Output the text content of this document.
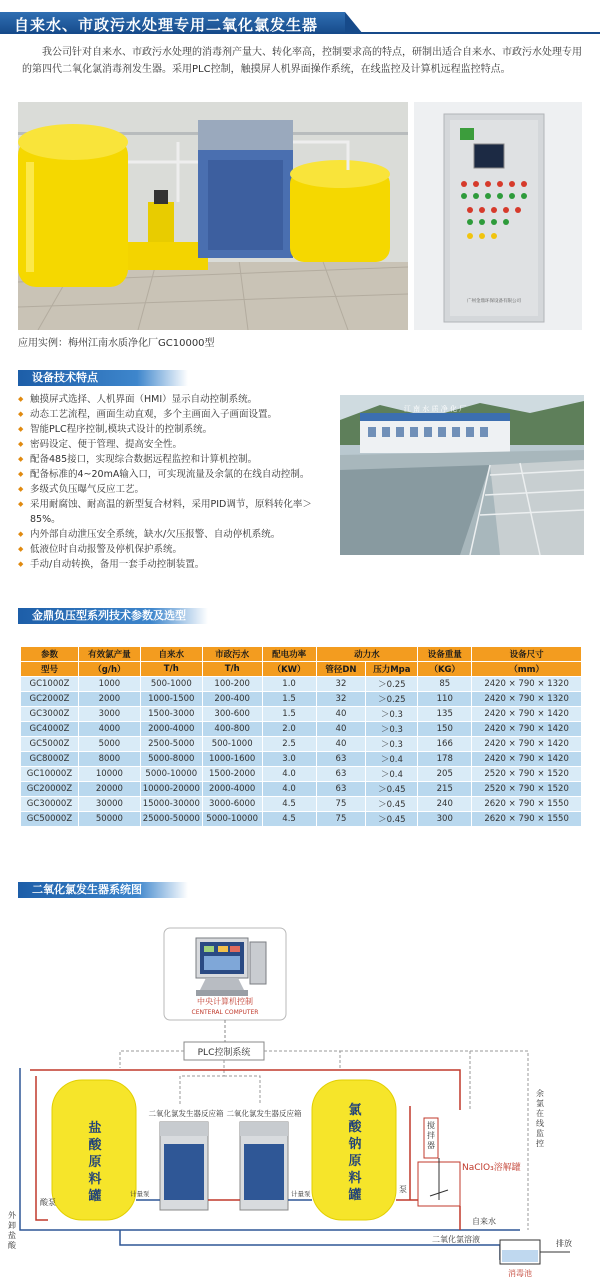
自来水、市政污水处理专用二氧化氯发生器

我公司针对自来水、市政污水处理的消毒剂产量大、转化率高，控制要求高的特点，研制出适合自来水、市政污水处理专用的第四代二氧化氯消毒剂发生器。采用PLC控制，触摸屏人机界面操作系统，在线监控及计算机远程监控特点。

广州金鼎环保设备有限公司
应用实例：梅州江南水质净化厂GC10000型
设备技术特点
◆ 触摸屏式选择、人机界面（HMI）显示自动控制系统。
◆ 动态工艺流程，画面生动直观，多个主画面入子画面设置。
◆ 智能PLC程序控制,模块式设计的控制系统。
◆ 密码设定、便于管理、提高安全性。
◆ 配备485接口，实现综合数据远程监控和计算机控制。
◆ 配备标准的4~20mA输入口，可实现流量及余氯的在线自动控制。
◆ 多级式负压曝气反应工艺。
◆ 采用耐腐蚀、耐高温的新型复合材料，采用PID调节，原料转化率＞85%。
◆ 内外部自动泄压安全系统，缺水/欠压报警、自动停机系统。
◆ 低液位时自动报警及停机保护系统。
◆ 手动/自动转换，备用一套手动控制装置。
江 南 水 质 净 化 厂
金鼎负压型系列技术参数及选型
参数	有效氯产量	自来水	市政污水	配电功率	动力水		设备重量	设备尺寸
型号	（g/h）	T/h	T/h	（KW）	管径DN	压力Mpa	（KG）	（mm）
GC1000Z	1000	500-1000	100-200	1.0	32	＞0.25	85	2420 × 790 × 1320
GC2000Z	2000	1000-1500	200-400	1.5	32	＞0.25	110	2420 × 790 × 1320
GC3000Z	3000	1500-3000	300-600	1.5	40	＞0.3	135	2420 × 790 × 1420
GC4000Z	4000	2000-4000	400-800	2.0	40	＞0.3	150	2420 × 790 × 1420
GC5000Z	5000	2500-5000	500-1000	2.5	40	＞0.3	166	2420 × 790 × 1420
GC8000Z	8000	5000-8000	1000-1600	3.0	63	＞0.4	178	2420 × 790 × 1420
GC10000Z	10000	5000-10000	1500-2000	4.0	63	＞0.4	205	2520 × 790 × 1520
GC20000Z	20000	10000-20000	2000-4000	4.0	63	＞0.45	215	2520 × 790 × 1520
GC30000Z	30000	15000-30000	3000-6000	4.5	75	＞0.45	240	2620 × 790 × 1550
GC50000Z	50000	25000-50000	5000-10000	4.5	75	＞0.45	300	2620 × 790 × 1550
二氧化氯发生器系统图
中央计算机控制
CENTERAL COMPUTER
PLC控制系统
盐酸原料罐
氯酸钠原料罐
二氧化氯发生器反应箱 二氧化氯发生器反应箱
搅拌器
NaClO₃溶解罐
余氯在线监控
酸泵
泵
计量泵	计量泵
外卸盐酸
自来水
二氧化氯溶液
消毒池
排放
